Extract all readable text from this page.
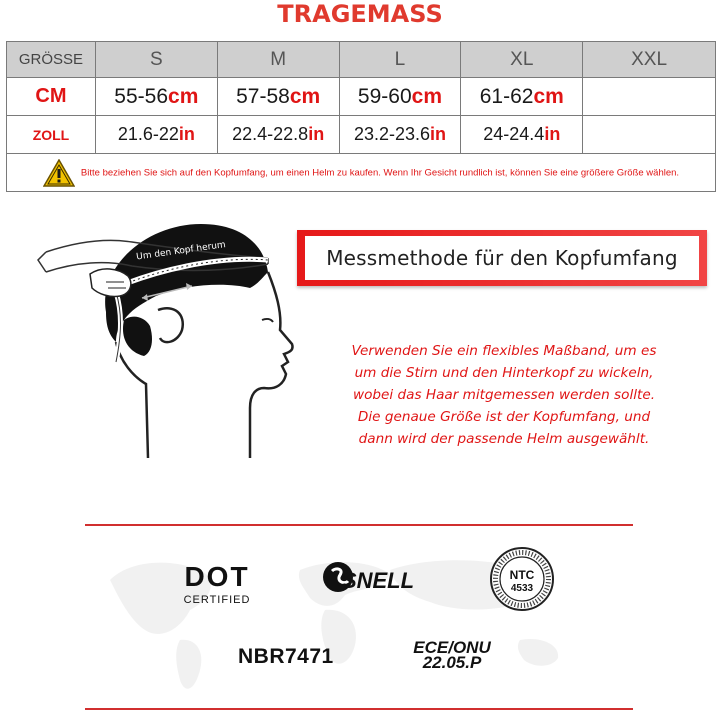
TRAGEMASS
GRÖSSE	S	M	L	XL	XXL
CM	55-56cm	57-58cm	59-60cm	61-62cm	
ZOLL	21.6-22in	22.4-22.8in	23.2-23.6in	24-24.4in	
Bitte beziehen Sie sich auf den Kopfumfang, um einen Helm zu kaufen. Wenn Ihr Gesicht rundlich ist, können Sie eine größere Größe wählen.					
Um den Kopf herum	Messmethode für den Kopfumfang
Verwenden Sie ein flexibles Maßband, um es
um die Stirn und den Hinterkopf zu wickeln,
wobei das Haar mitgemessen werden sollte.
Die genaue Größe ist der Kopfumfang, und
dann wird der passende Helm ausgewählt.
DOT
CERTIFIED
SNELL	NTC
4533
NBR7471	ECE/ONU
22.05.P
